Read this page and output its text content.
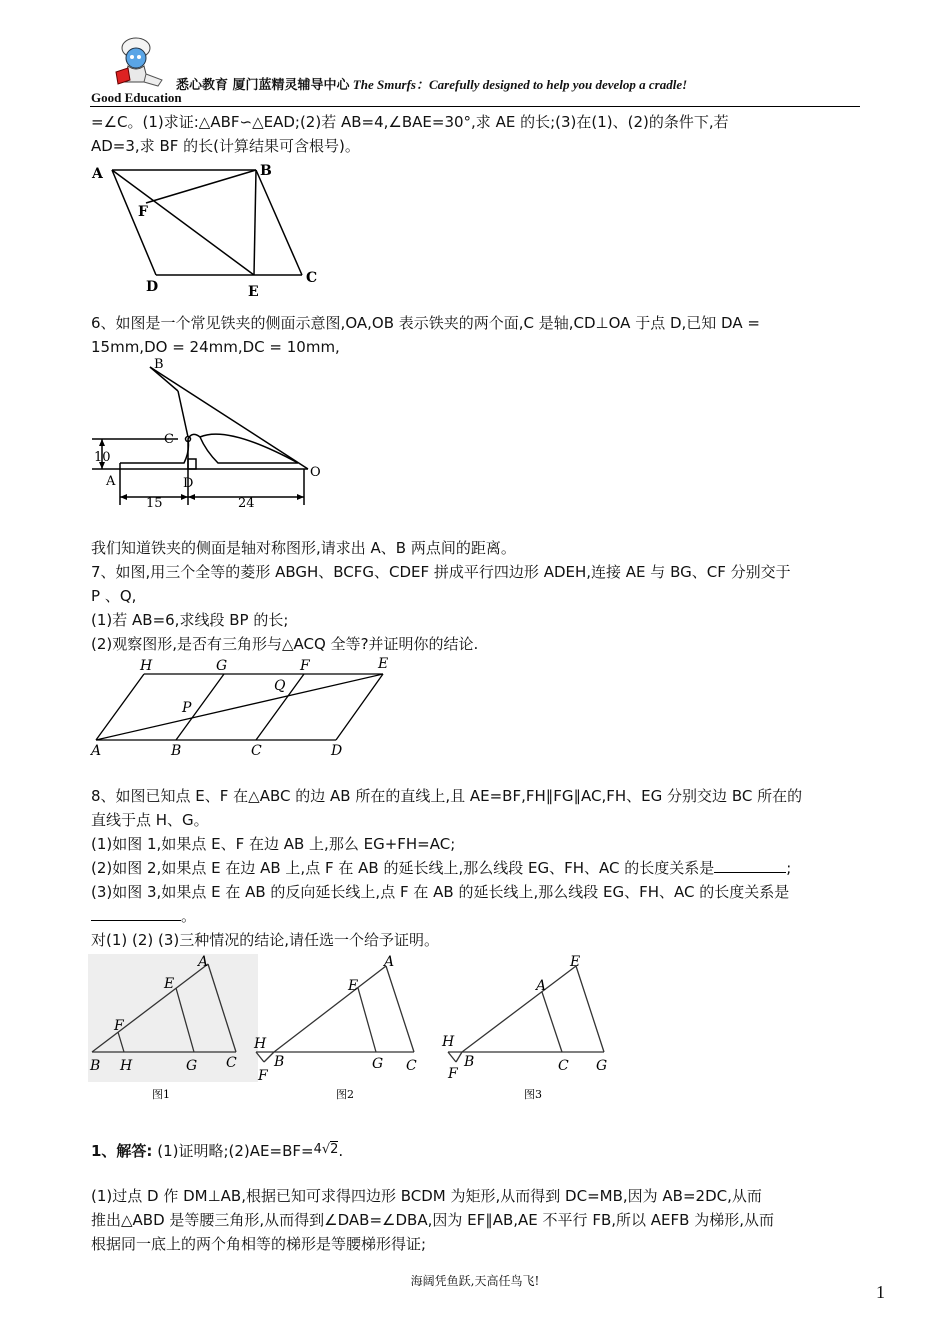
悉心教育 厦门蓝精灵辅导中心 The Smurfs：Carefully designed to help you develop a cradle!
Good Education
=∠C。(1)求证:△ABF∽△EAD;(2)若 AB=4,∠BAE=30°,求 AE 的长;(3)在(1)、(2)的条件下,若
AD=3,求 BF 的长(计算结果可含根号)。
A	B
F
D	E
C
6、如图是一个常见铁夹的侧面示意图,OA,OB 表示铁夹的两个面,C 是轴,CD⊥OA 于点 D,已知 DA =
15mm,DO = 24mm,DC = 10mm,
B
C
10
A	D
O
15	24
我们知道铁夹的侧面是轴对称图形,请求出 A、B 两点间的距离。
7、如图,用三个全等的菱形 ABGH、BCFG、CDEF 拼成平行四边形 ADEH,连接 AE 与 BG、CF 分别交于
P 、Q,
(1)若 AB=6,求线段 BP 的长;
(2)观察图形,是否有三角形与△ACQ 全等?并证明你的结论.
H	G	F	E
Q
P
A	B	C	D
8、如图已知点 E、F 在△ABC 的边 AB 所在的直线上,且 AE=BF,FH∥FG∥AC,FH、EG 分别交边 BC 所在的
直线于点 H、G。
(1)如图 1,如果点 E、F 在边 AB 上,那么 EG+FH=AC;
(2)如图 2,如果点 E 在边 AB 上,点 F 在 AB 的延长线上,那么线段 EG、FH、AC 的长度关系是	;
(3)如图 3,如果点 E 在 AB 的反向延长线上,点 F 在 AB 的延长线上,那么线段 EG、FH、AC 的长度关系是
。
对(1) (2) (3)三种情况的结论,请任选一个给予证明。
A
E
F
B H	G C
A
E
H
B
F
G C
E
A
H
B
F	C G
图1	图2	图3
1、解答: (1)证明略;(2)AE=BF=4√2.
(1)过点 D 作 DM⊥AB,根据已知可求得四边形 BCDM 为矩形,从而得到 DC=MB,因为 AB=2DC,从而
推出△ABD 是等腰三角形,从而得到∠DAB=∠DBA,因为 EF∥AB,AE 不平行 FB,所以 AEFB 为梯形,从而
根据同一底上的两个角相等的梯形是等腰梯形得证;
海阔凭鱼跃,天高任鸟飞!
1
